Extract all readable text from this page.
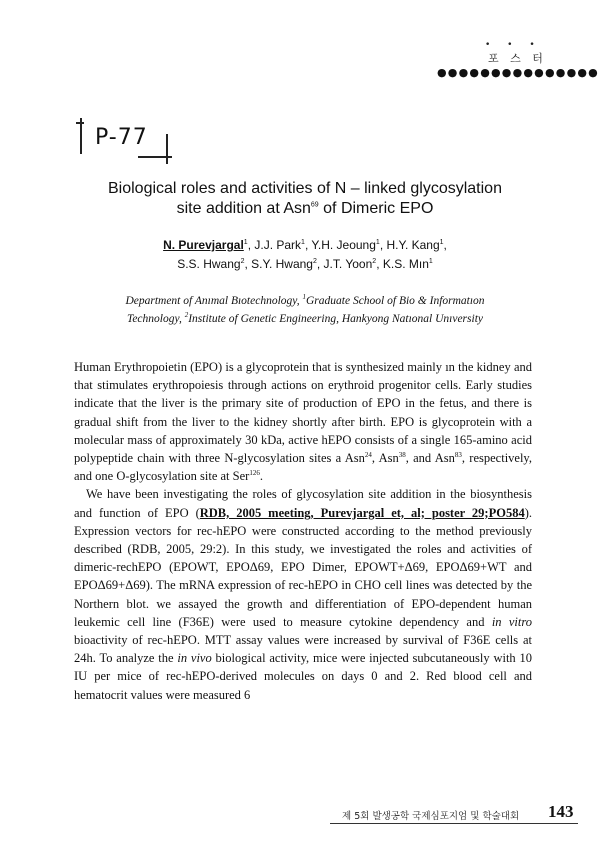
• • •
포 스 터
●●●●●●●●●●●●●●●
P-77
Biological roles and activities of N – linked glycosylation
site addition at Asn$^{69}$ of Dimeric EPO
N. Purevjargal$^1$, J.J. Park$^1$, Y.H. Jeoung$^1$, H.Y. Kang$^1$,
S.S. Hwang$^2$, S.Y. Hwang$^2$, J.T. Yoon$^2$, K.S. Mın$^1$
Department of Anımal Bıotechnology, $^1$Graduate School of Bio & Informatıon
Technology, $^2$Institute of Genetic Engineering, Hankyong Natıonal Unıversity

Human Erythropoietin (EPO) is a glycoprotein that is synthesized mainly ın the kidney and that stimulates erythropoiesis through actions on erythroid progenitor cells. Early studies indicate that the liver is the primary site of production of EPO in the fetus, and there is gradual shift from the liver to the kidney shortly after birth. EPO is glycoprotein with a molecular mass of approximately 30 kDa, active hEPO consists of a single 165-amino acid polypeptide chain with three N-glycosylation sites a Asn$^{24}$, Asn$^{38}$, and Asn$^{83}$, respectively, and one O-glycosylation site at Ser$^{126}$.

We have been investigating the roles of glycosylation site addition in the biosynthesis and function of EPO (RDB, 2005 meeting, Purevjargal et, al; poster 29;PO584). Expression vectors for rec-hEPO were constructed according to the method previously described (RDB, 2005, 29:2). In this study, we investigated the roles and activities of dimeric-rechEPO (EPOWT, EPOΔ69, EPO Dimer, EPOWT+Δ69, EPOΔ69+WT and EPOΔ69+Δ69). The mRNA expression of rec-hEPO in CHO cell lines was detected by the Northern blot. we assayed the growth and differentiation of EPO-dependent human leukemic cell line (F36E) were used to measure cytokine dependency and in vitro bioactivity of rec-hEPO. MTT assay values were increased by survival of F36E cells at 24h. To analyze the in vivo biological activity, mice were injected subcutaneously with 10 IU per mice of rec-hEPO-derived molecules on days 0 and 2. Red blood cell and hematocrit values were measured 6

제 5회 발생공학 국제심포지엄 및 학술대회 143
